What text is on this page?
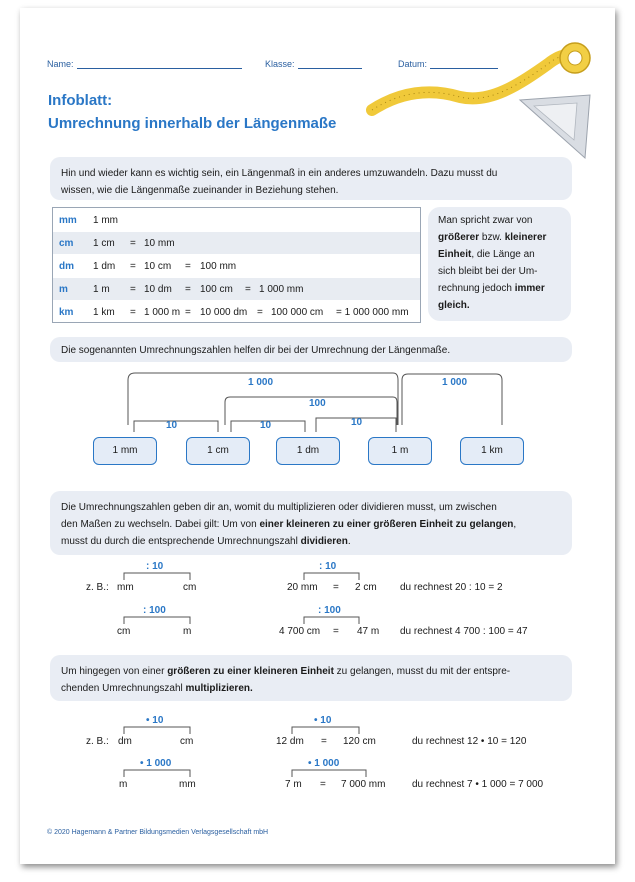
Name:	Klasse:	Datum:
Infoblatt:
Umrechnung innerhalb der Längenmaße
Hin und wieder kann es wichtig sein, ein Längenmaß in ein anderes umzuwandeln. Dazu musst du
wissen, wie die Längenmaße zueinander in Beziehung stehen.
mm 1 mm
cm 1 cm = 10 mm
dm 1 dm = 10 cm = 100 mm
m	1 m = 10 dm = 100 cm = 1 000 mm
km 1 km = 1 000 m = 10 000 dm = 100 000 cm = 1 000 000 mm
Man spricht zwar von
größerer bzw. kleinerer
Einheit, die Länge an
sich bleibt bei der Um-
rechnung jedoch immer
gleich.
Die sogenannten Umrechnungszahlen helfen dir bei der Umrechnung der Längenmaße.
1 000	1 000
100
10	10	10
1 mm	1 cm	1 dm	1 m	1 km
Die Umrechnungszahlen geben dir an, womit du multiplizieren oder dividieren musst, um zwischen
den Maßen zu wechseln. Dabei gilt: Um von einer kleineren zu einer größeren Einheit zu gelangen,
musst du durch die entsprechende Umrechnungszahl dividieren.
z. B.:
: 10
mm	cm
: 10
20 mm = 2 cm du rechnest 20 : 10 = 2
: 100
cm	m
: 100
4 700 cm = 47 m du rechnest 4 700 : 100 = 47
Um hingegen von einer größeren zu einer kleineren Einheit zu gelangen, musst du mit der entspre-
chenden Umrechnungszahl multiplizieren.
z. B.:
• 10
dm	cm
• 10
12 dm = 120 cm	du rechnest 12 • 10 = 120
• 1 000
m	mm
• 1 000
7 m = 7 000 mm	du rechnest 7 • 1 000 = 7 000
© 2020 Hagemann & Partner Bildungsmedien Verlagsgesellschaft mbH
